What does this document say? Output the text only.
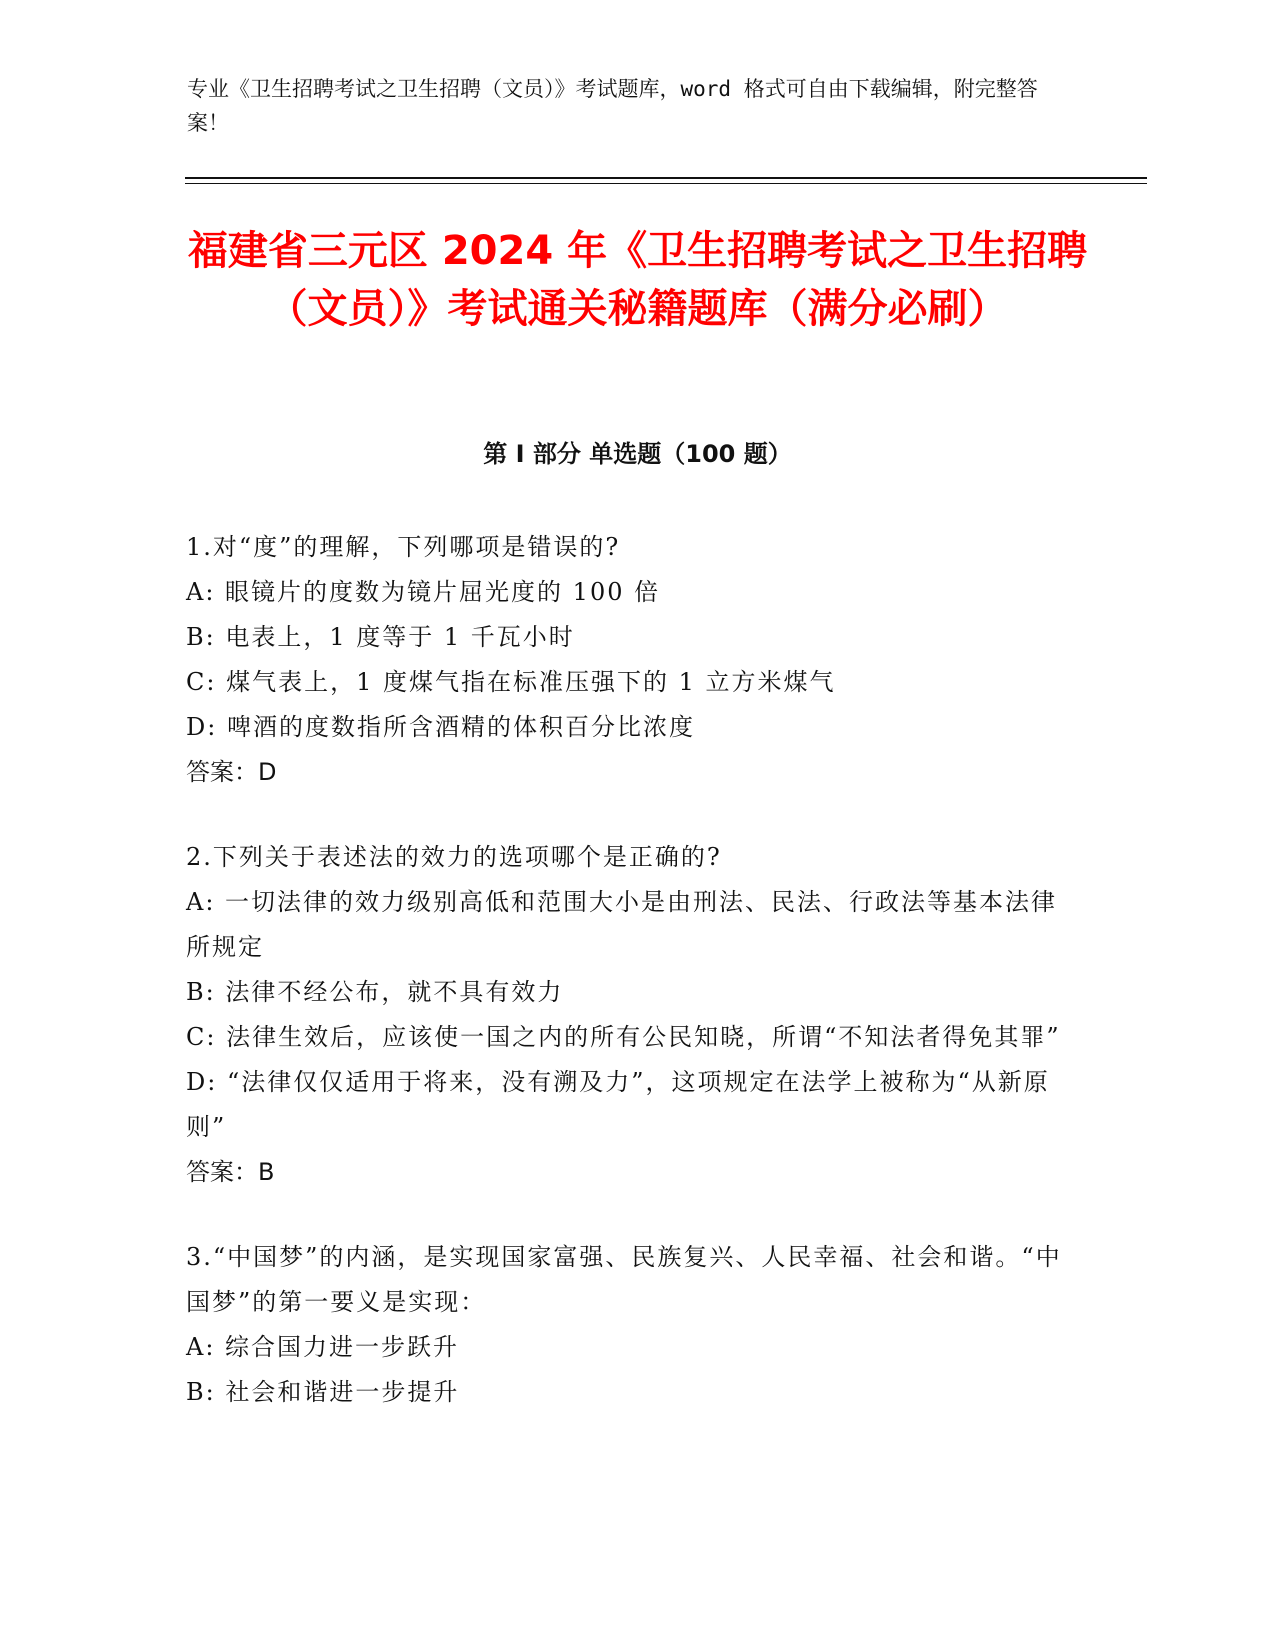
专业《卫生招聘考试之卫生招聘（文员）》考试题库，word 格式可自由下载编辑，附完整答案！

福建省三元区 2024 年《卫生招聘考试之卫生招聘（文员）》考试通关秘籍题库（满分必刷）
第 I 部分 单选题（100 题）

1.对“度”的理解，下列哪项是错误的?

A: 眼镜片的度数为镜片屈光度的 100 倍

B: 电表上，1 度等于 1 千瓦小时

C: 煤气表上，1 度煤气指在标准压强下的 1 立方米煤气

D: 啤酒的度数指所含酒精的体积百分比浓度

答案：D

2.下列关于表述法的效力的选项哪个是正确的?

A: 一切法律的效力级别高低和范围大小是由刑法、民法、行政法等基本法律所规定

B: 法律不经公布，就不具有效力

C: 法律生效后，应该使一国之内的所有公民知晓，所谓“不知法者得免其罪”

D: “法律仅仅适用于将来，没有溯及力”，这项规定在法学上被称为“从新原则”

答案：B

3.“中国梦”的内涵，是实现国家富强、民族复兴、人民幸福、社会和谐。“中国梦”的第一要义是实现：

A: 综合国力进一步跃升

B: 社会和谐进一步提升
